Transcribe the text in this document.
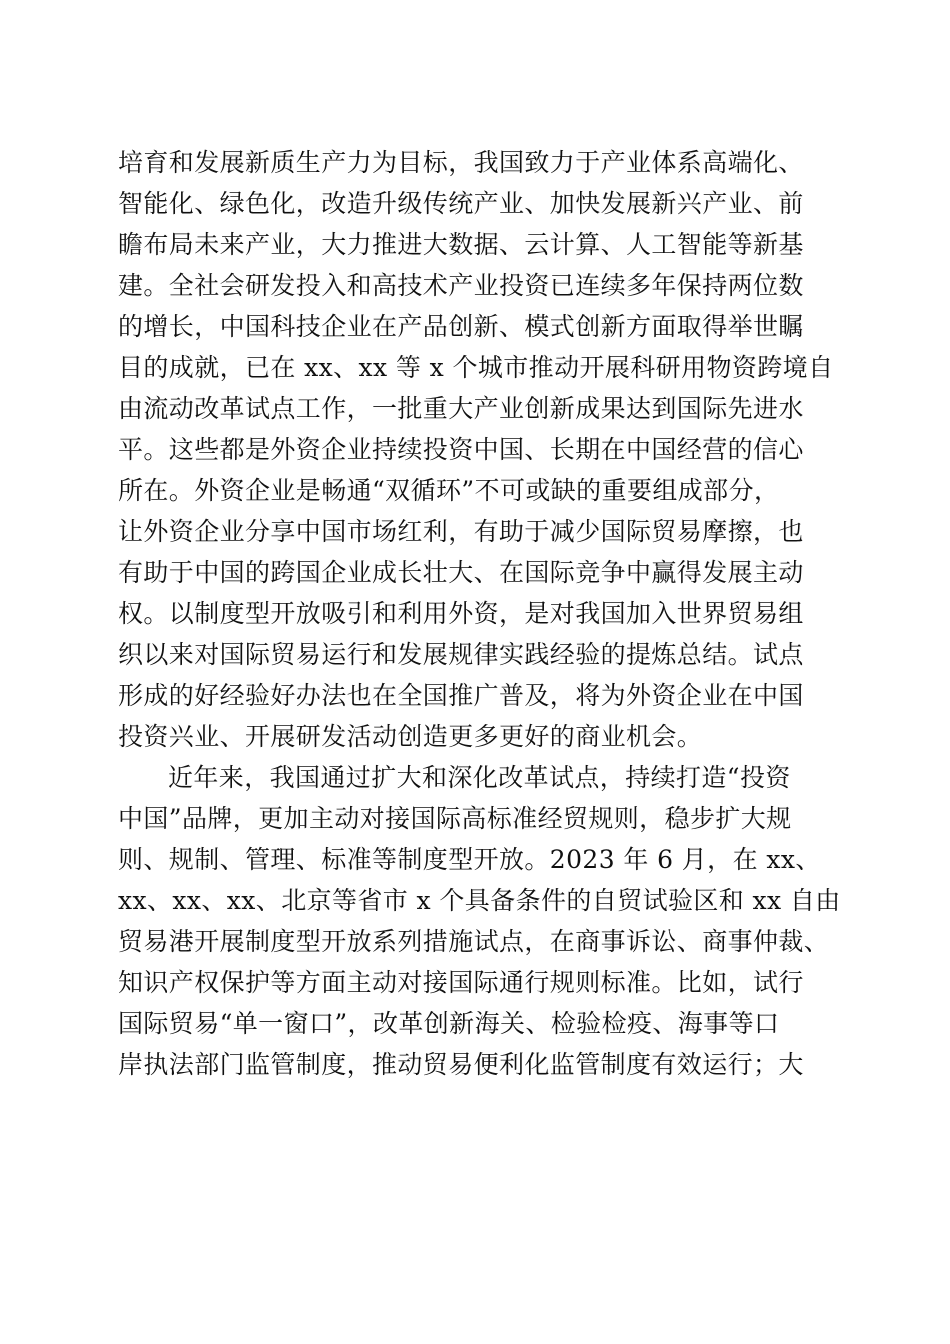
培育和发展新质生产力为目标，我国致力于产业体系高端化、
智能化、绿色化，改造升级传统产业、加快发展新兴产业、前
瞻布局未来产业，大力推进大数据、云计算、人工智能等新基
建。全社会研发投入和高技术产业投资已连续多年保持两位数
的增长，中国科技企业在产品创新、模式创新方面取得举世瞩
目的成就，已在 xx、xx 等 x 个城市推动开展科研用物资跨境自
由流动改革试点工作，一批重大产业创新成果达到国际先进水
平。这些都是外资企业持续投资中国、长期在中国经营的信心
所在。外资企业是畅通“双循环”不可或缺的重要组成部分，
让外资企业分享中国市场红利，有助于减少国际贸易摩擦，也
有助于中国的跨国企业成长壮大、在国际竞争中赢得发展主动
权。以制度型开放吸引和利用外资，是对我国加入世界贸易组
织以来对国际贸易运行和发展规律实践经验的提炼总结。试点
形成的好经验好办法也在全国推广普及，将为外资企业在中国
投资兴业、开展研发活动创造更多更好的商业机会。
近年来，我国通过扩大和深化改革试点，持续打造“投资
中国”品牌，更加主动对接国际高标准经贸规则，稳步扩大规
则、规制、管理、标准等制度型开放。2023 年 6 月，在 xx、
xx、xx、xx、北京等省市 x 个具备条件的自贸试验区和 xx 自由
贸易港开展制度型开放系列措施试点，在商事诉讼、商事仲裁、
知识产权保护等方面主动对接国际通行规则标准。比如，试行
国际贸易“单一窗口”，改革创新海关、检验检疫、海事等口
岸执法部门监管制度，推动贸易便利化监管制度有效运行；大
